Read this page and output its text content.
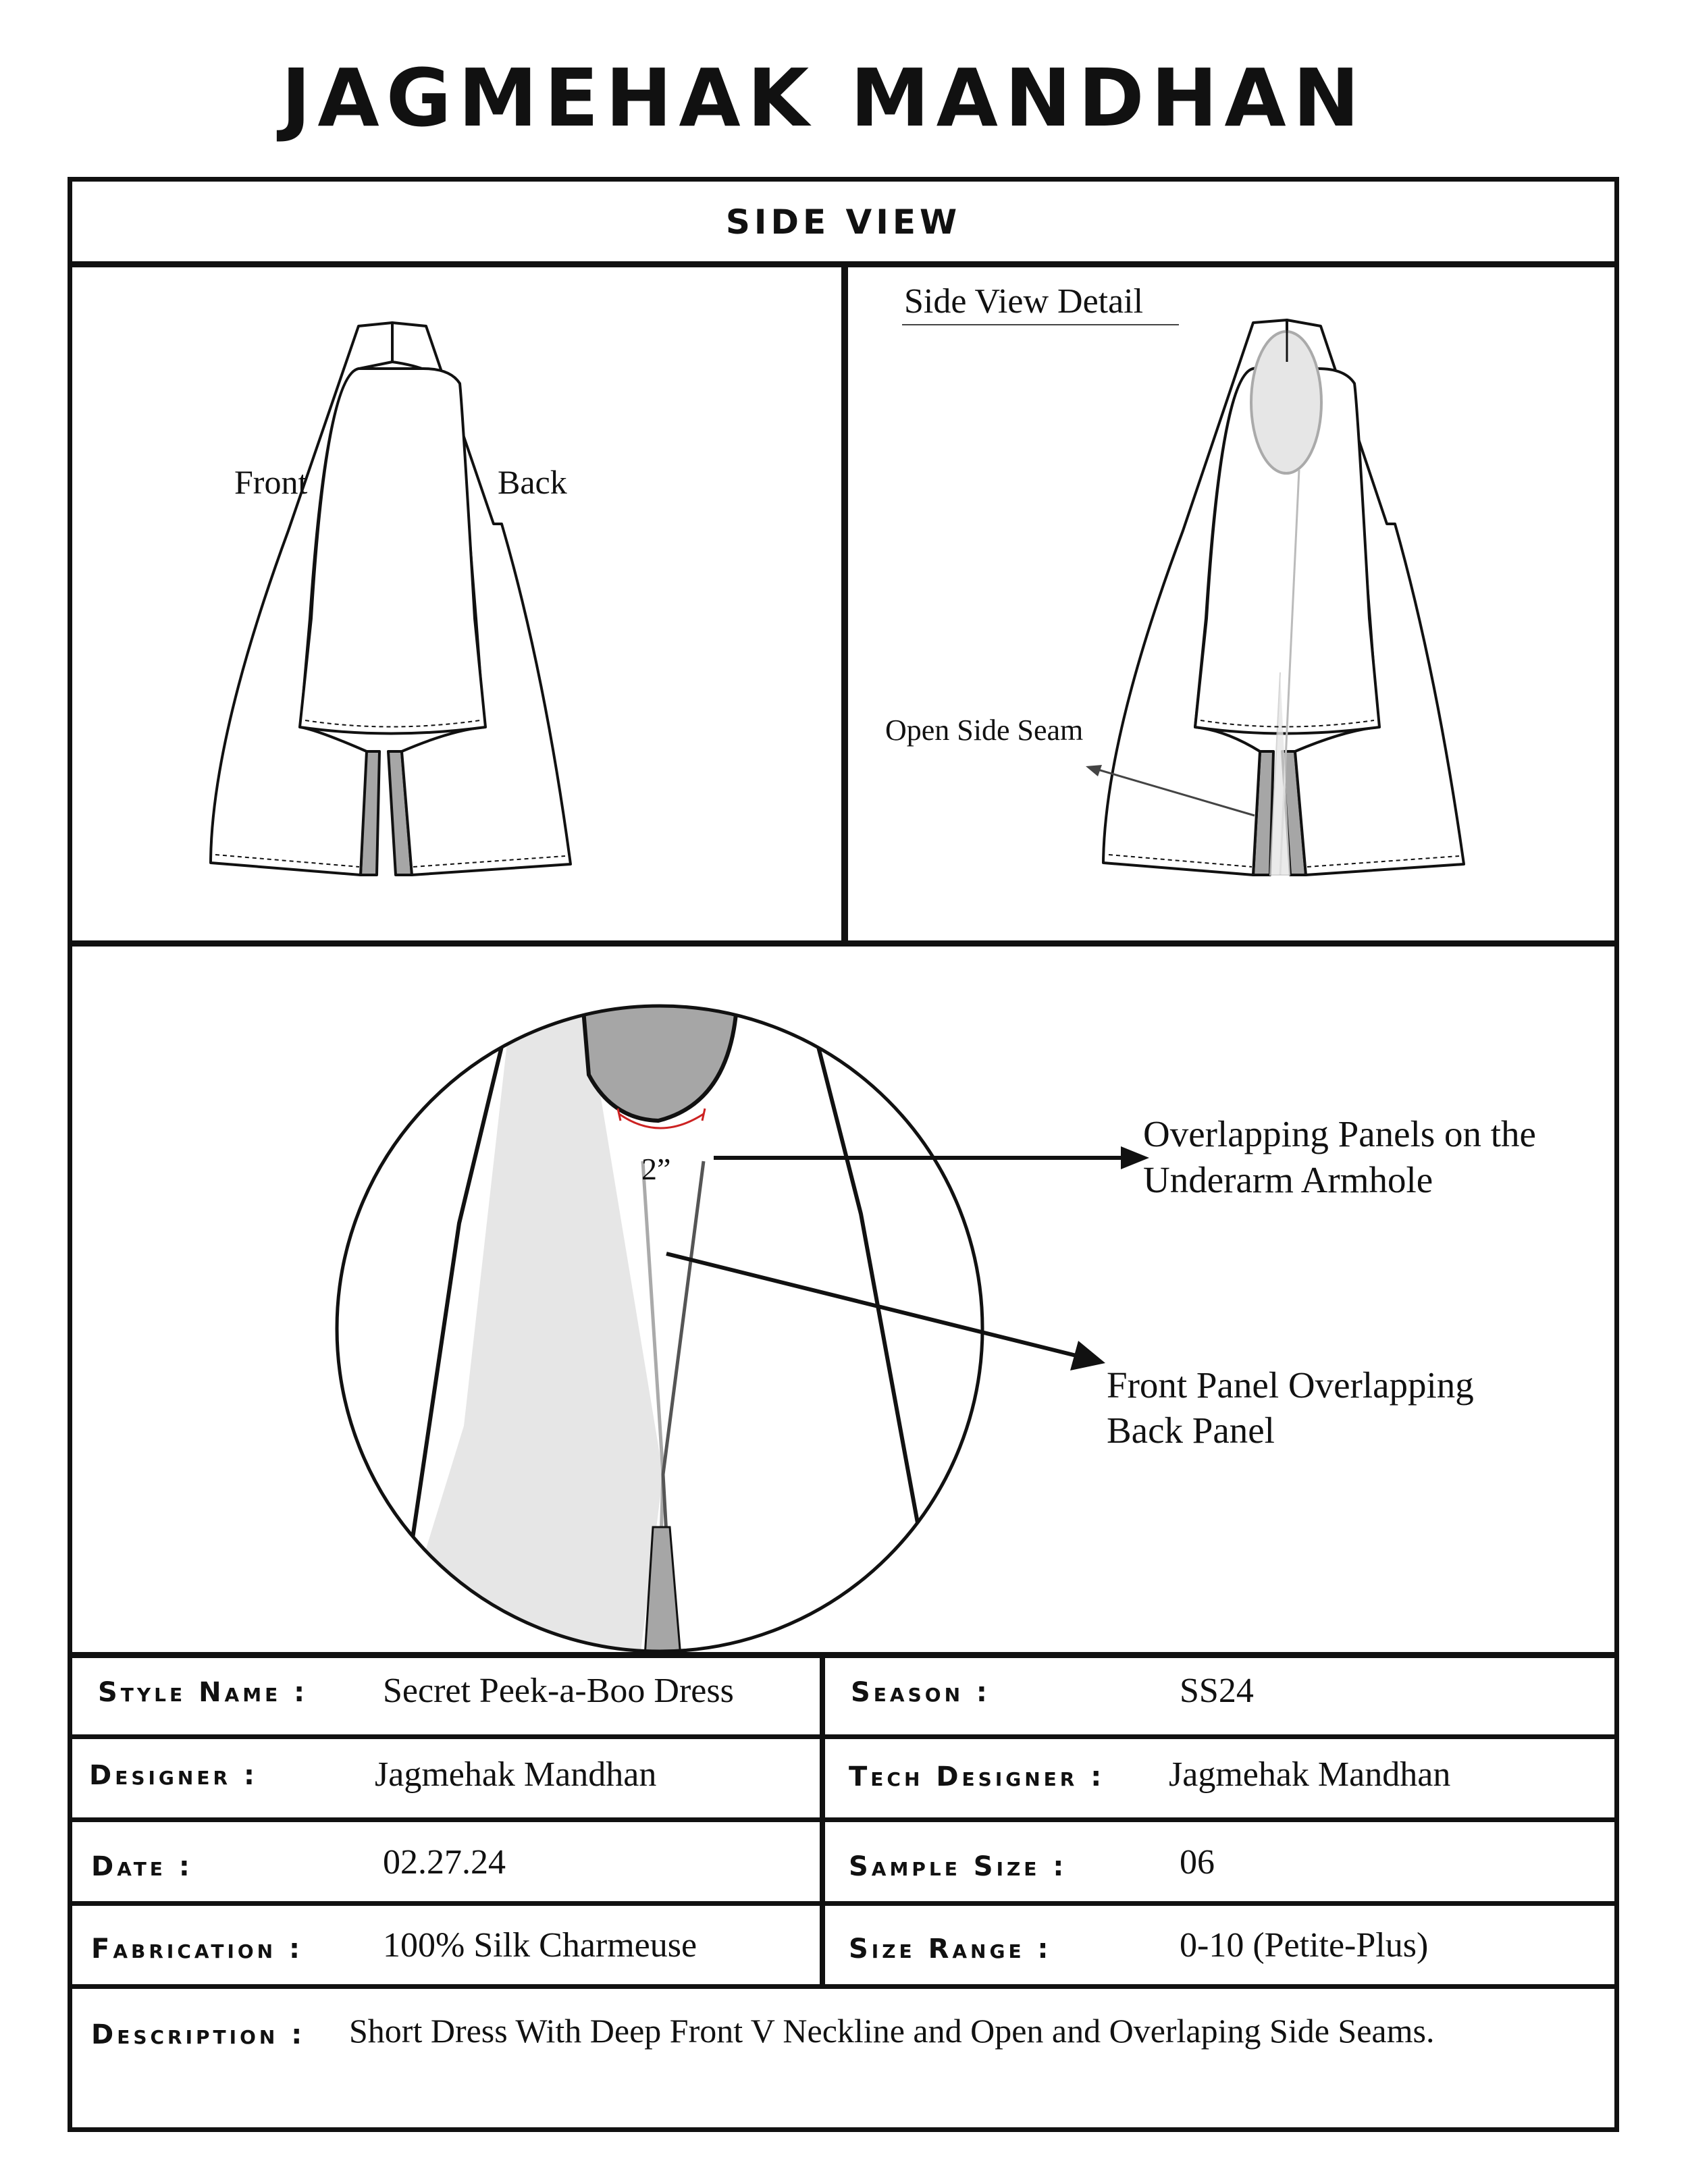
JAGMEHAK MANDHAN
SIDE VIEW
Front	Back
Side View Detail
Open Side Seam
2”
Overlapping Panels on the
Underarm Armhole
Front Panel Overlapping
Back Panel
Style Name : Secret Peek-a-Boo Dress	Season :	SS24
Designer :	Jagmehak Mandhan	Tech Designer : Jagmehak Mandhan
Date :	02.27.24	Sample Size :	06
Fabrication : 100% Silk Charmeuse	Size Range :	0-10 (Petite-Plus)
Description : Short Dress With Deep Front V Neckline and Open and Overlaping Side Seams.
